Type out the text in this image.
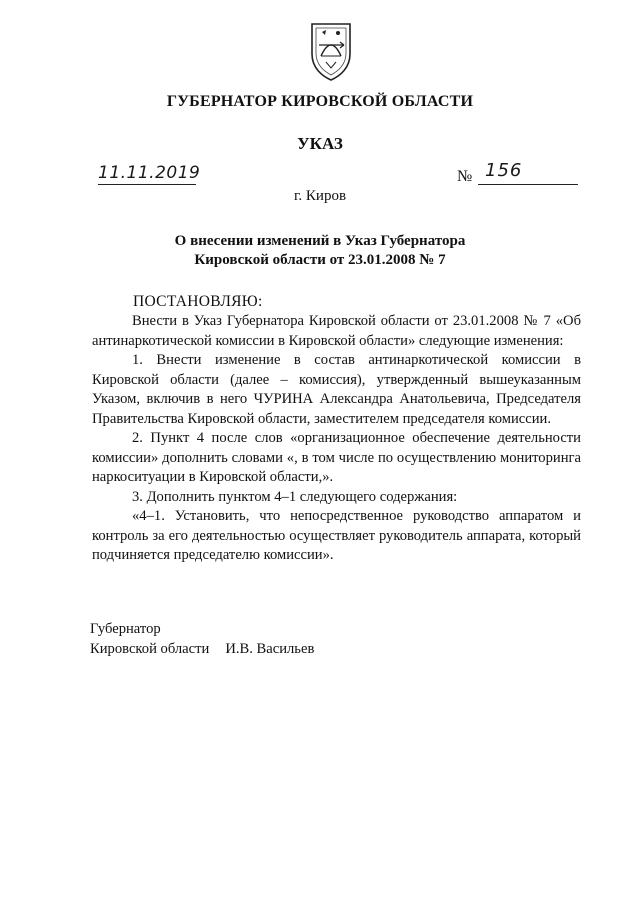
ГУБЕРНАТОР КИРОВСКОЙ ОБЛАСТИ
УКАЗ
11.11.2019	№ 156
г. Киров
О внесении изменений в Указ Губернатора
Кировской области от 23.01.2008 № 7
ПОСТАНОВЛЯЮ:

Внести в Указ Губернатора Кировской области от 23.01.2008 № 7 «Об антинаркотической комиссии в Кировской области» следующие изменения:

1. Внести изменение в состав антинаркотической комиссии в Кировской области (далее – комиссия), утвержденный вышеуказанным Указом, включив в него ЧУРИНА Александра Анатольевича, Председателя Правительства Кировской области, заместителем председателя комиссии.

2. Пункт 4 после слов «организационное обеспечение деятельности комиссии» дополнить словами «, в том числе по осуществлению мониторинга наркоситуации в Кировской области,».

3. Дополнить пунктом 4–1 следующего содержания:

«4–1. Установить, что непосредственное руководство аппаратом и контроль за его деятельностью осуществляет руководитель аппарата, который подчиняется председателю комиссии».

Губернатор
Кировской области И.В. Васильев
